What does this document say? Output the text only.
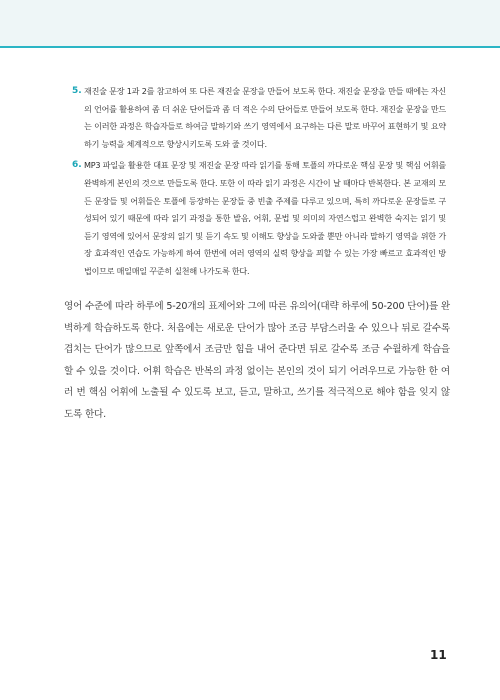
5. 재진술 문장 1과 2를 참고하여 또 다른 재진술 문장을 만들어 보도록 한다. 재진술 문장을 만들 때에는 자신의 언어를 활용하여 좀 더 쉬운 단어들과 좀 더 적은 수의 단어들로 만들어 보도록 한다. 재진술 문장을 만드는 이러한 과정은 학습자들로 하여금 말하기와 쓰기 영역에서 요구하는 다른 말로 바꾸어 표현하기 및 요약하기 능력을 체계적으로 향상시키도록 도와 줄 것이다.
6. MP3 파일을 활용한 대표 문장 및 재진술 문장 따라 읽기를 통해 토플의 까다로운 핵심 문장 및 핵심 어휘를 완벽하게 본인의 것으로 만들도록 한다. 또한 이 따라 읽기 과정은 시간이 날 때마다 반복한다. 본 교재의 모든 문장들 및 어휘들은 토플에 등장하는 문장들 중 빈출 주제를 다루고 있으며, 특히 까다로운 문장들로 구성되어 있기 때문에 따라 읽기 과정을 통한 발음, 어휘, 문법 및 의미의 자연스럽고 완벽한 숙지는 읽기 및 듣기 영역에 있어서 문장의 읽기 및 듣기 속도 및 이해도 향상을 도와줄 뿐만 아니라 말하기 영역을 위한 가장 효과적인 연습도 가능하게 하여 한번에 여러 영역의 실력 향상을 꾀할 수 있는 가장 빠르고 효과적인 방법이므로 매일매일 꾸준히 실천해 나가도록 한다.

영어 수준에 따라 하루에 5-20개의 표제어와 그에 따른 유의어(대략 하루에 50-200 단어)를 완벽하게 학습하도록 한다. 처음에는 새로운 단어가 많아 조금 부담스러울 수 있으나 뒤로 갈수록 겹치는 단어가 많으므로 앞쪽에서 조금만 힘을 내어 준다면 뒤로 갈수록 조금 수월하게 학습을 할 수 있을 것이다. 어휘 학습은 반복의 과정 없이는 본인의 것이 되기 어려우므로 가능한 한 여러 번 핵심 어휘에 노출될 수 있도록 보고, 듣고, 말하고, 쓰기를 적극적으로 해야 함을 잊지 않도록 한다.

11
